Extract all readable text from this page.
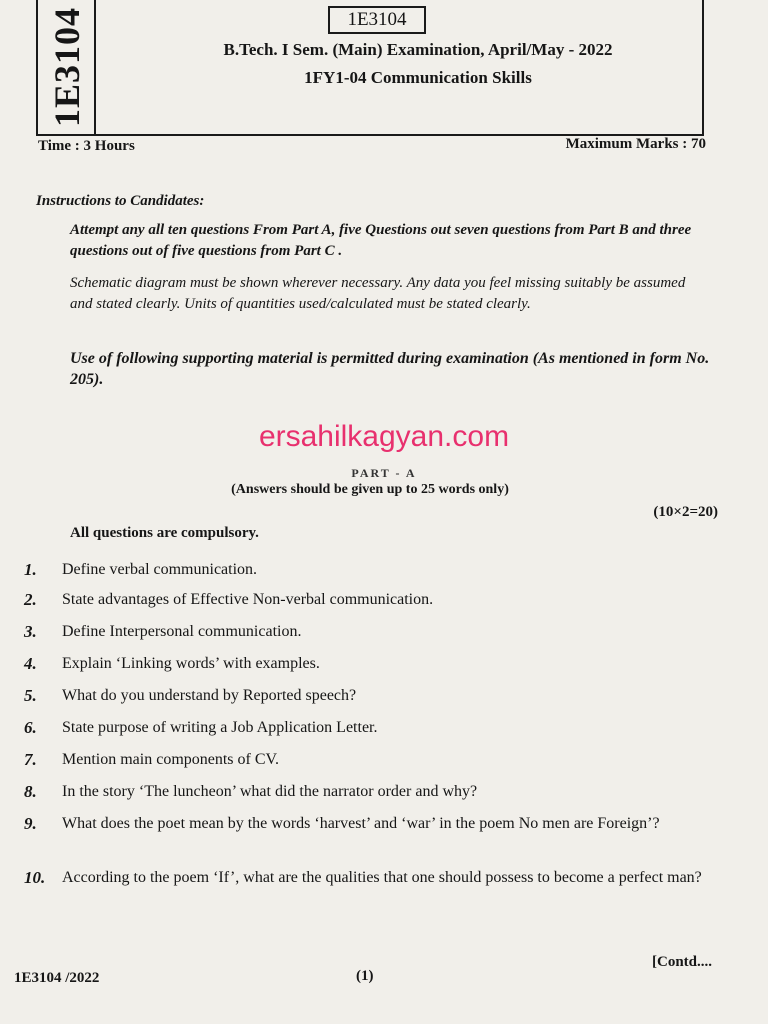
1E3104	1E3104
B.Tech. I Sem. (Main) Examination, April/May - 2022
1FY1-04 Communication Skills
Time : 3 Hours	Maximum Marks : 70
Instructions to Candidates:
Attempt any all ten questions From Part A, five Questions out seven questions from Part B and three questions out of five questions from Part C .
Schematic diagram must be shown wherever necessary. Any data you feel missing suitably be assumed and stated clearly. Units of quantities used/calculated must be stated clearly.
Use of following supporting material is permitted during examination (As mentioned in form No. 205).
ersahilkagyan.com
PART - A
(Answers should be given up to 25 words only)
(10×2=20)
All questions are compulsory.
1.	Define verbal communication.
2.	State advantages of Effective Non-verbal communication.
3.	Define Interpersonal communication.
4.	Explain ‘Linking words’ with examples.
5.	What do you understand by Reported speech?
6.	State purpose of writing a Job Application Letter.
7.	Mention main components of CV.
8.	In the story ‘The luncheon’ what did the narrator order and why?
9.	What does the poet mean by the words ‘harvest’ and ‘war’ in the poem No men are Foreign’?
10.	According to the poem ‘If’, what are the qualities that one should possess to become a perfect man?
1E3104 /2022	(1)
[Contd....
